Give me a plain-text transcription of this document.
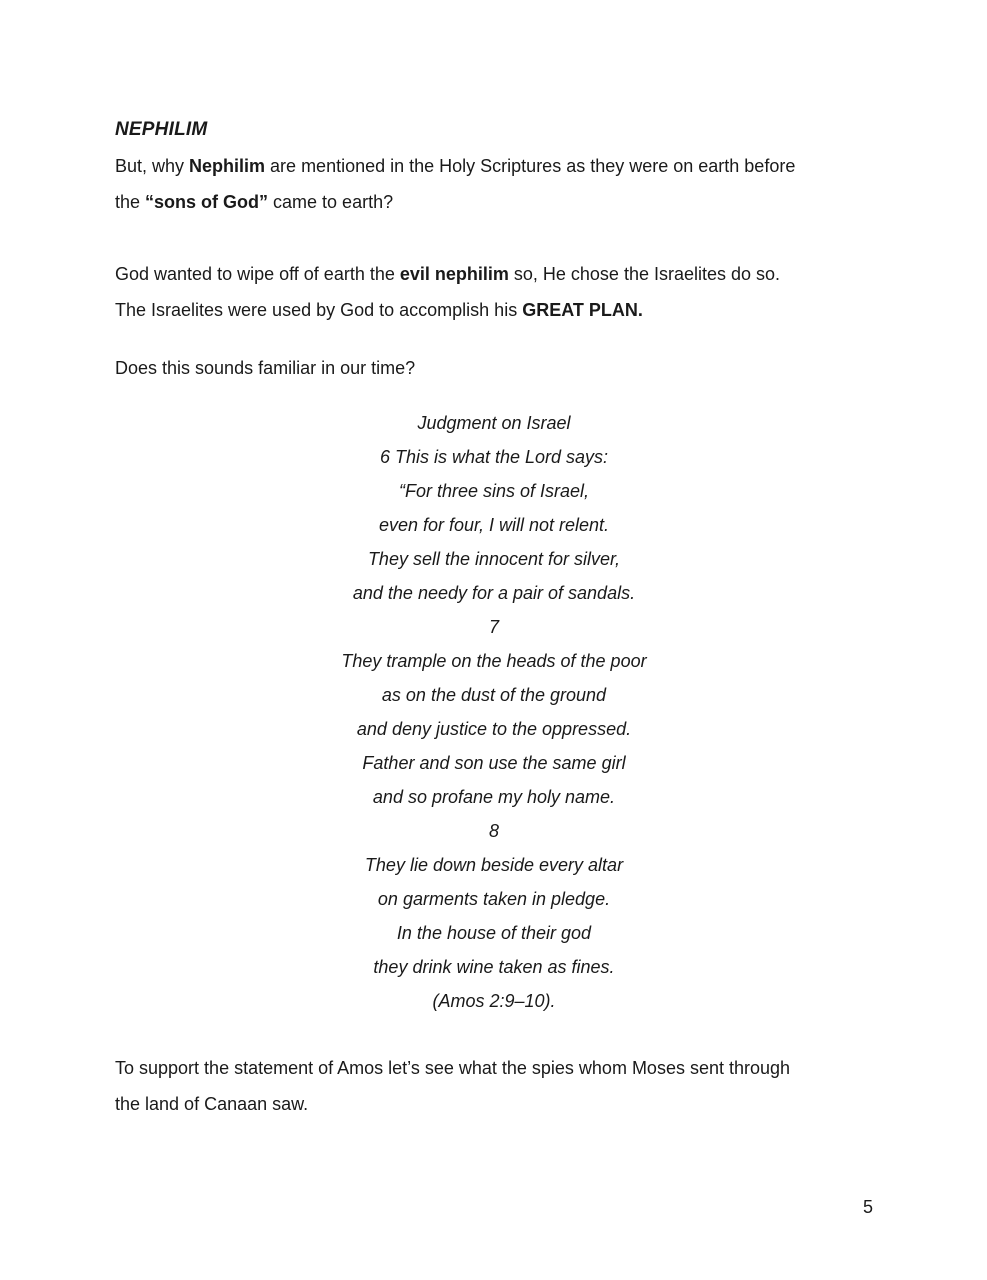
NEPHILIM
But, why Nephilim are mentioned in the Holy Scriptures as they were on earth before
the “sons of God” came to earth?
God wanted to wipe off of earth the evil nephilim so, He chose the Israelites do so.
The Israelites were used by God to accomplish his GREAT PLAN.
Does this sounds familiar in our time?
Judgment on Israel
6 This is what the Lord says:
“For three sins of Israel,
even for four, I will not relent.
They sell the innocent for silver,
and the needy for a pair of sandals.
7
They trample on the heads of the poor
as on the dust of the ground
and deny justice to the oppressed.
Father and son use the same girl
and so profane my holy name.
8
They lie down beside every altar
on garments taken in pledge.
In the house of their god
they drink wine taken as fines.
(Amos 2:9–10).
To support the statement of Amos let’s see what the spies whom Moses sent through
the land of Canaan saw.
5
